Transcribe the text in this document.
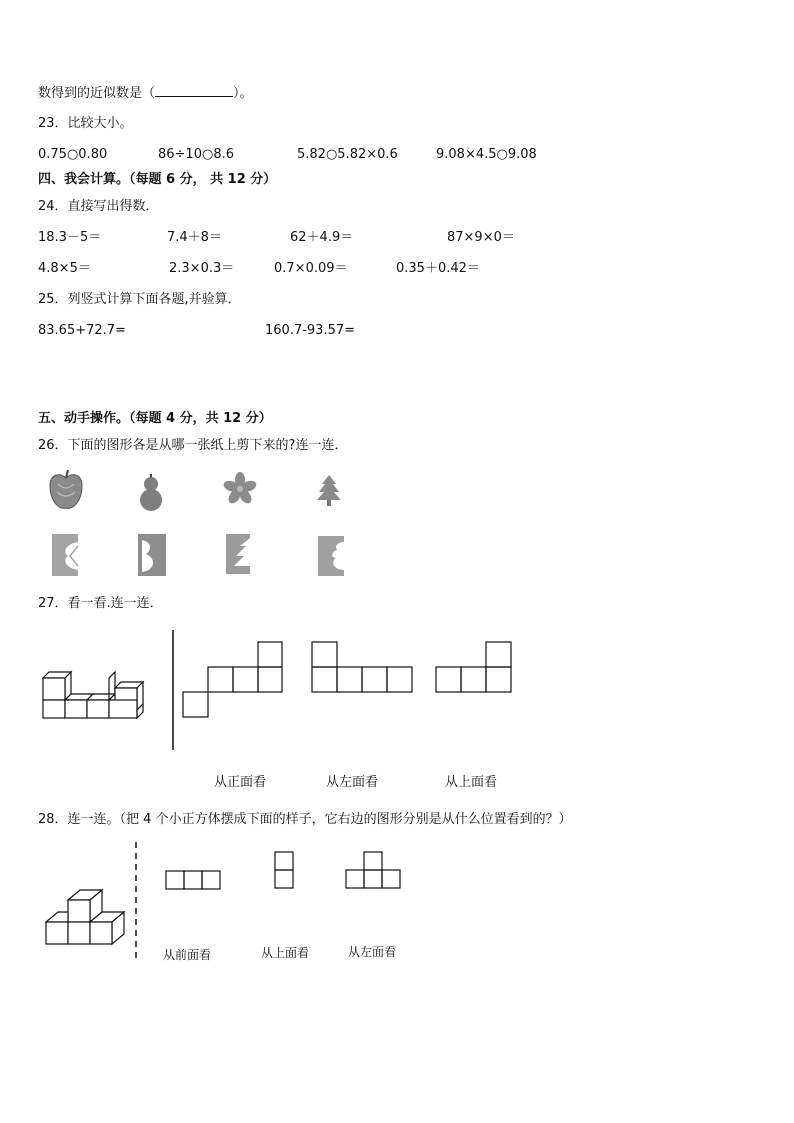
数得到的近似数是（	）。
23．比较大小。
0.75○0.80	86÷10○8.6	5.82○5.82×0.6	9.08×4.5○9.08
四、我会计算。（每题 6 分， 共 12 分）
24．直接写出得数．
18.3－5＝	7.4＋8＝	62＋4.9＝	87×9×0＝
4.8×5＝	2.3×0.3＝	0.7×0.09＝	0.35＋0.42＝
25．列竖式计算下面各题,并验算．
83.65+72.7=	160.7-93.57=
五、动手操作。（每题 4 分，共 12 分）
26．下面的图形各是从哪一张纸上剪下来的?连一连．
27．看一看.连一连．
从正面看	从左面看	从上面看
28．连一连。（把 4 个小正方体摆成下面的样子，它右边的图形分别是从什么位置看到的？）
从前面看	从上面看	从左面看
